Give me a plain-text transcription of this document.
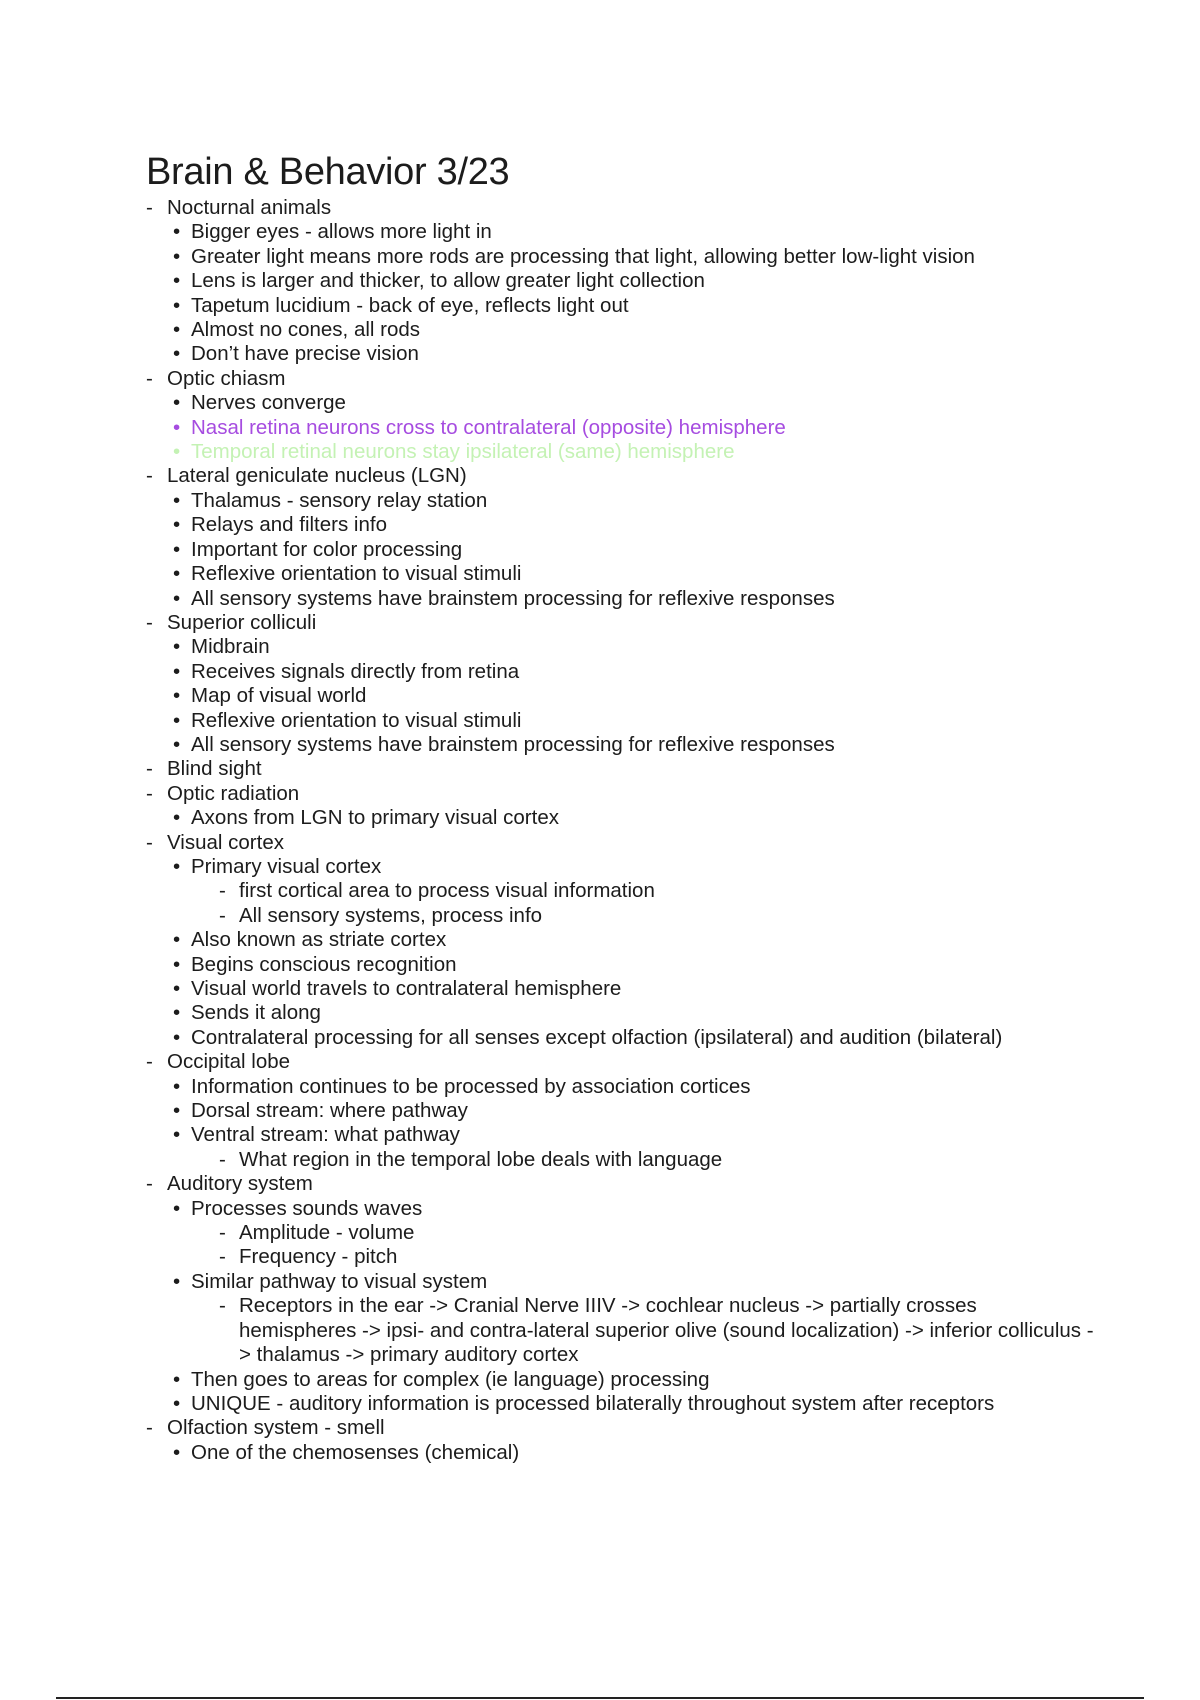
Brain & Behavior 3/23
- Nocturnal animals
• Bigger eyes - allows more light in
• Greater light means more rods are processing that light, allowing better low-light vision
• Lens is larger and thicker, to allow greater light collection
• Tapetum lucidium - back of eye, reflects light out
• Almost no cones, all rods
• Don’t have precise vision
- Optic chiasm
• Nerves converge
• Nasal retina neurons cross to contralateral (opposite) hemisphere
• Temporal retinal neurons stay ipsilateral (same) hemisphere
- Lateral geniculate nucleus (LGN)
• Thalamus - sensory relay station
• Relays and filters info
• Important for color processing
• Reflexive orientation to visual stimuli
• All sensory systems have brainstem processing for reflexive responses
- Superior colliculi
• Midbrain
• Receives signals directly from retina
• Map of visual world
• Reflexive orientation to visual stimuli
• All sensory systems have brainstem processing for reflexive responses
- Blind sight
- Optic radiation
• Axons from LGN to primary visual cortex
- Visual cortex
• Primary visual cortex
- first cortical area to process visual information
- All sensory systems, process info
• Also known as striate cortex
• Begins conscious recognition
• Visual world travels to contralateral hemisphere
• Sends it along
• Contralateral processing for all senses except olfaction (ipsilateral) and audition (bilateral)
- Occipital lobe
• Information continues to be processed by association cortices
• Dorsal stream: where pathway
• Ventral stream: what pathway
- What region in the temporal lobe deals with language
- Auditory system
• Processes sounds waves
- Amplitude - volume
- Frequency - pitch
• Similar pathway to visual system
- Receptors in the ear -> Cranial Nerve IIIV -> cochlear nucleus -> partially crosses hemispheres -> ipsi- and contra-lateral superior olive (sound localization) -> inferior colliculus -> thalamus -> primary auditory cortex
• Then goes to areas for complex (ie language) processing
• UNIQUE - auditory information is processed bilaterally throughout system after receptors
- Olfaction system - smell
• One of the chemosenses (chemical)
